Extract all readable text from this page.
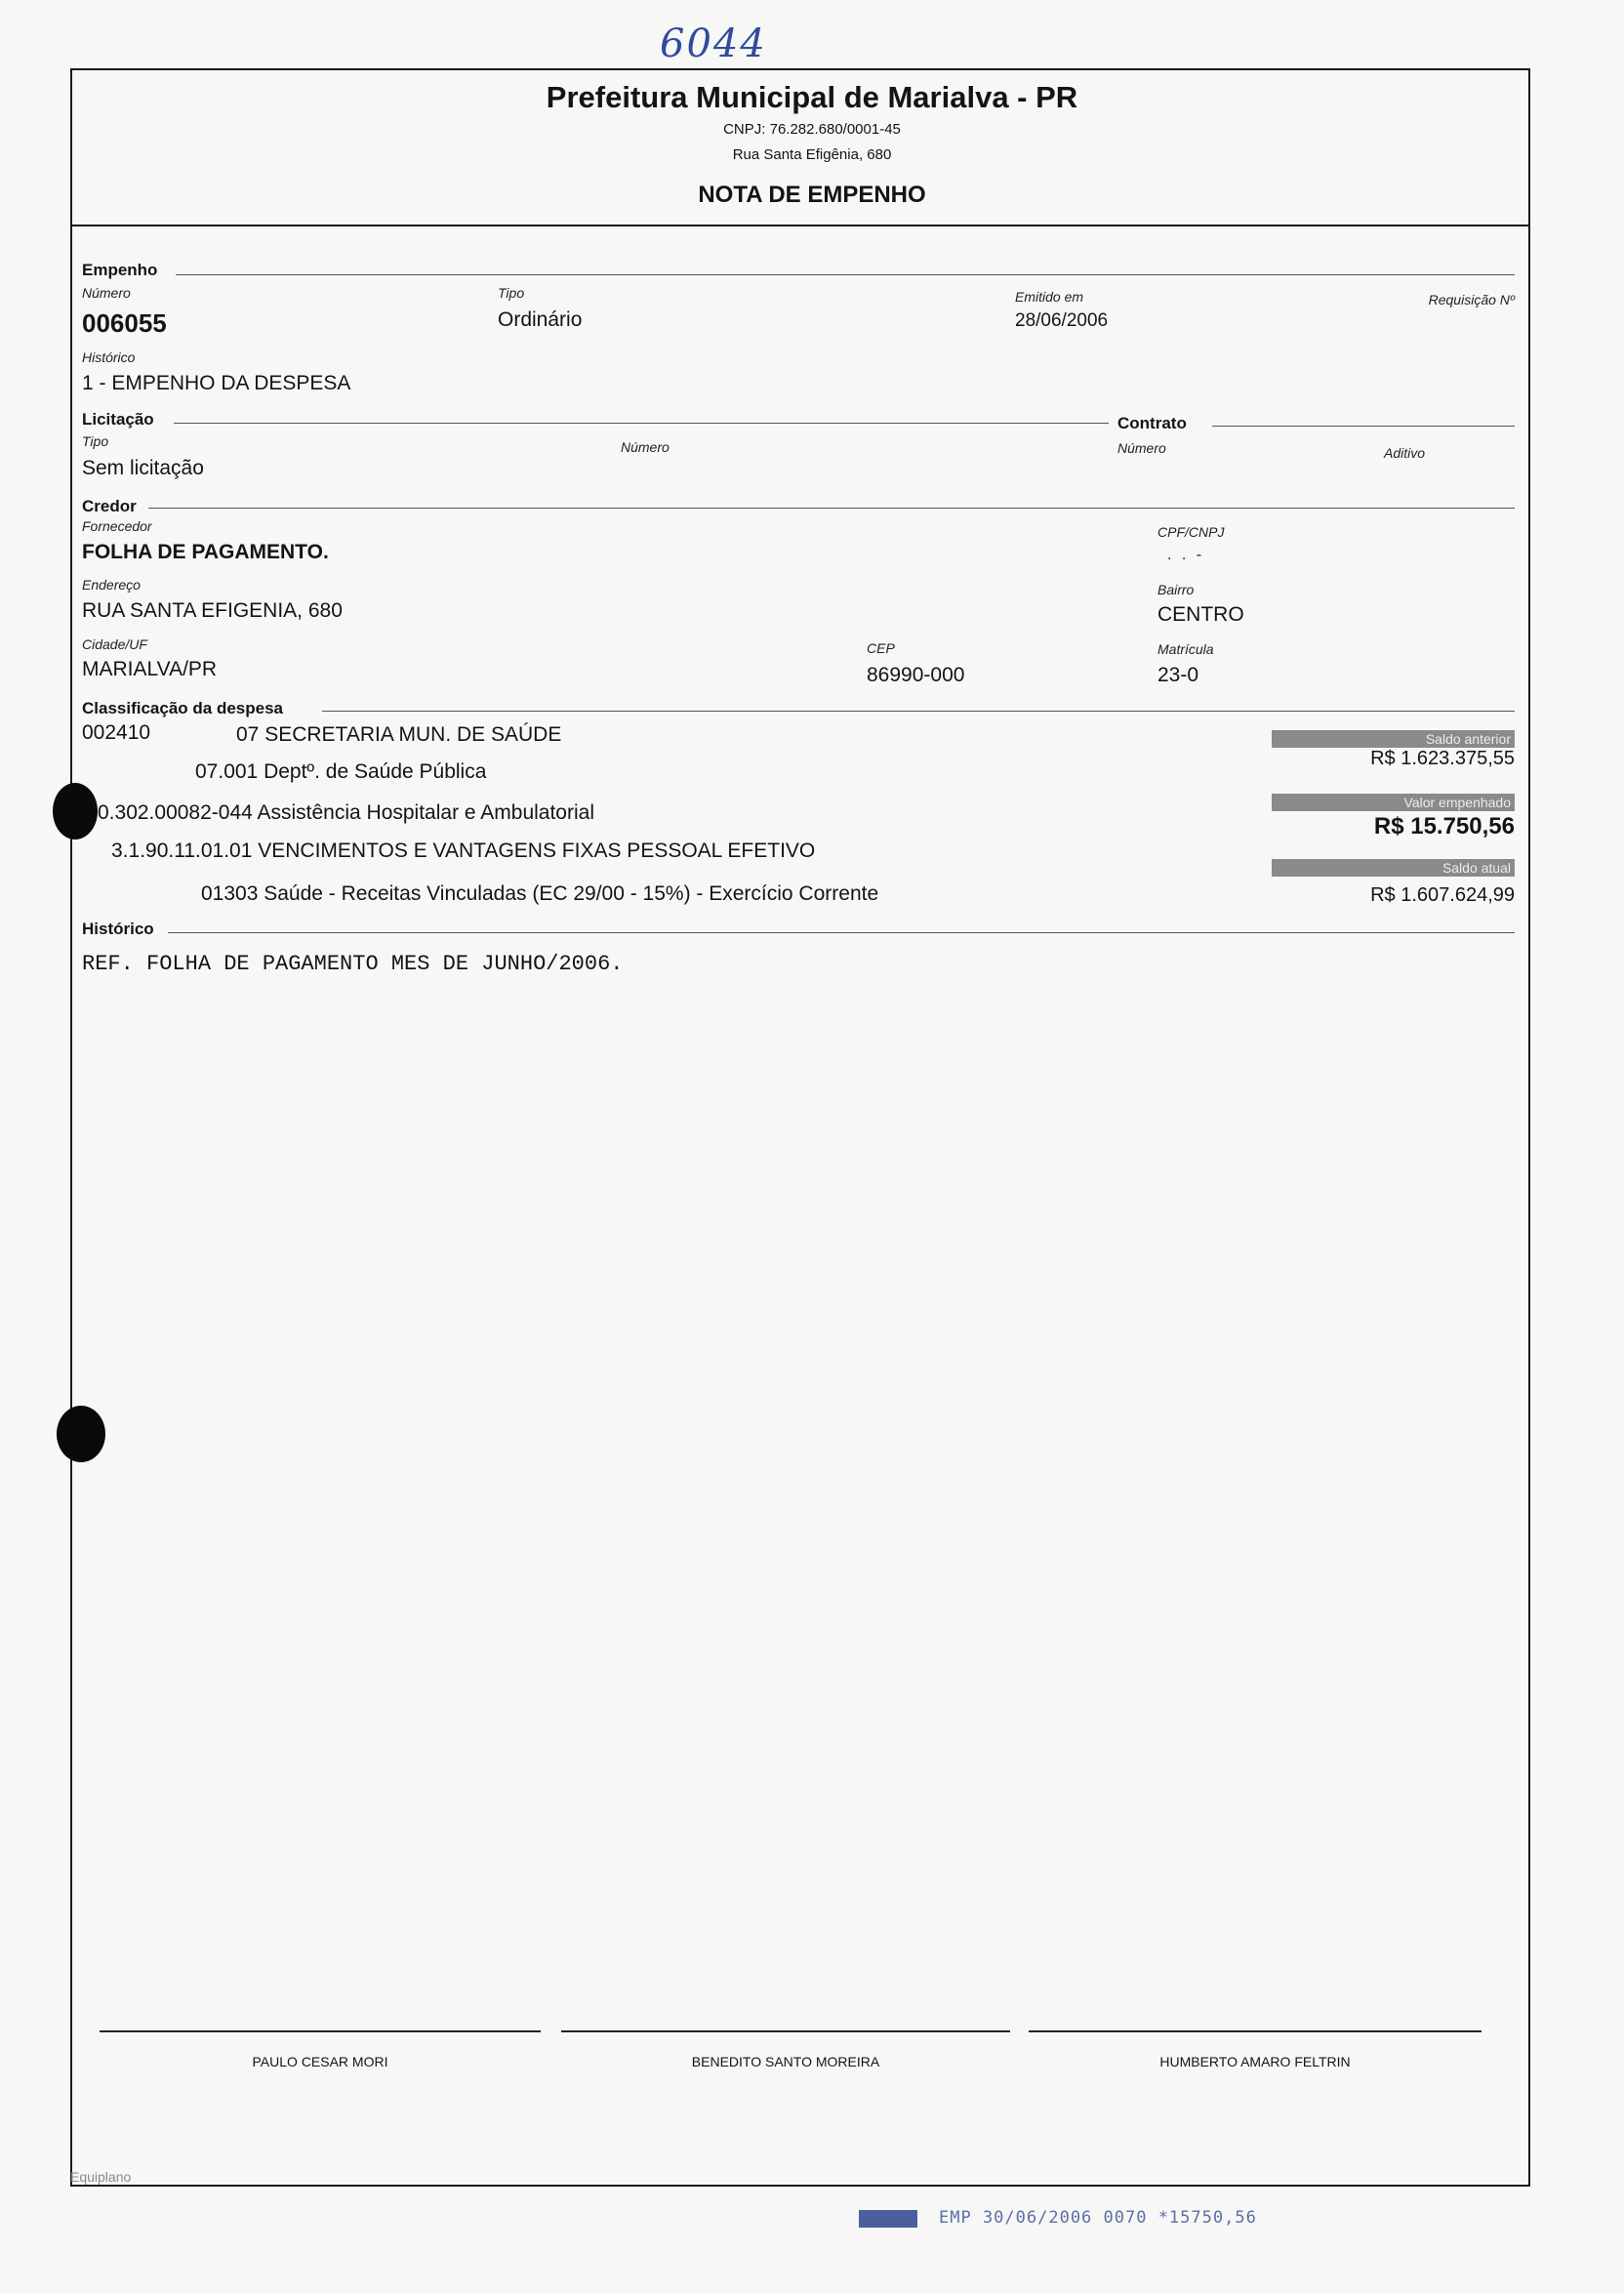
6044
Prefeitura Municipal de Marialva - PR
CNPJ: 76.282.680/0001-45
Rua Santa Efigênia, 680
NOTA DE EMPENHO
Empenho
Número
006055
Tipo
Ordinário
Emitido em
28/06/2006
Requisição Nº
Histórico
1 - EMPENHO DA DESPESA
Licitação	Contrato
Tipo
Sem licitação
Número	Número	Aditivo
Credor
Fornecedor
FOLHA DE PAGAMENTO.
CPF/CNPJ
. . -
Endereço
RUA SANTA EFIGENIA, 680
Bairro
CENTRO
Cidade/UF
MARIALVA/PR
CEP
86990-000
Matrícula
23-0
Classificação da despesa
002410	07 SECRETARIA MUN. DE SAÚDE
07.001 Deptº. de Saúde Pública
0.302.00082-044 Assistência Hospitalar e Ambulatorial
3.1.90.11.01.01 VENCIMENTOS E VANTAGENS FIXAS PESSOAL EFETIVO
01303 Saúde - Receitas Vinculadas (EC 29/00 - 15%) - Exercício Corrente
Saldo anterior
R$ 1.623.375,55
Valor empenhado
R$ 15.750,56
Saldo atual
R$ 1.607.624,99
Histórico
REF. FOLHA DE PAGAMENTO MES DE JUNHO/2006.
PAULO CESAR MORI	BENEDITO SANTO MOREIRA	HUMBERTO AMARO FELTRIN
Equiplano
EMP 30/06/2006 0070 *15750,56
